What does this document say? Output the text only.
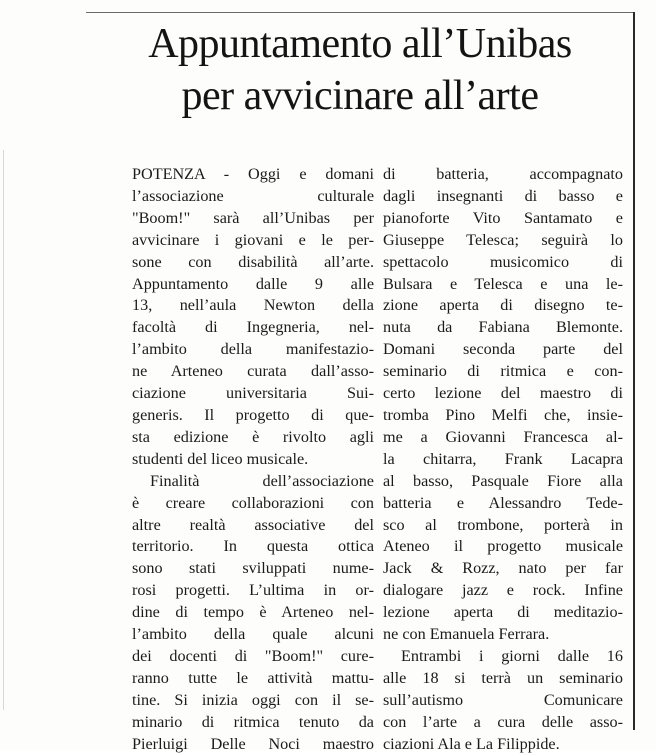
Appuntamento all’Unibas
per avvicinare all’arte
POTENZA - Oggi e domani
l’associazione culturale
"Boom!" sarà all’Unibas per
avvicinare i giovani e le per-
sone con disabilità all’arte.
Appuntamento dalle 9 alle
13, nell’aula Newton della
facoltà di Ingegneria, nel-
l’ambito della manifestazio-
ne Arteneo curata dall’asso-
ciazione universitaria Sui-
generis. Il progetto di que-
sta edizione è rivolto agli
studenti del liceo musicale.
Finalità dell’associazione
è creare collaborazioni con
altre realtà associative del
territorio. In questa ottica
sono stati sviluppati nume-
rosi progetti. L’ultima in or-
dine di tempo è Arteneo nel-
l’ambito della quale alcuni
dei docenti di "Boom!" cure-
ranno tutte le attività mattu-
tine. Si inizia oggi con il se-
minario di ritmica tenuto da
Pierluigi Delle Noci maestro
di batteria, accompagnato
dagli insegnanti di basso e
pianoforte Vito Santamato e
Giuseppe Telesca; seguirà lo
spettacolo musicomico di
Bulsara e Telesca e una le-
zione aperta di disegno te-
nuta da Fabiana Blemonte.
Domani seconda parte del
seminario di ritmica e con-
certo lezione del maestro di
tromba Pino Melfi che, insie-
me a Giovanni Francesca al-
la chitarra, Frank Lacapra
al basso, Pasquale Fiore alla
batteria e Alessandro Tede-
sco al trombone, porterà in
Ateneo il progetto musicale
Jack & Rozz, nato per far
dialogare jazz e rock. Infine
lezione aperta di meditazio-
ne con Emanuela Ferrara.
Entrambi i giorni dalle 16
alle 18 si terrà un seminario
sull’autismo Comunicare
con l’arte a cura delle asso-
ciazioni Ala e La Filippide.
